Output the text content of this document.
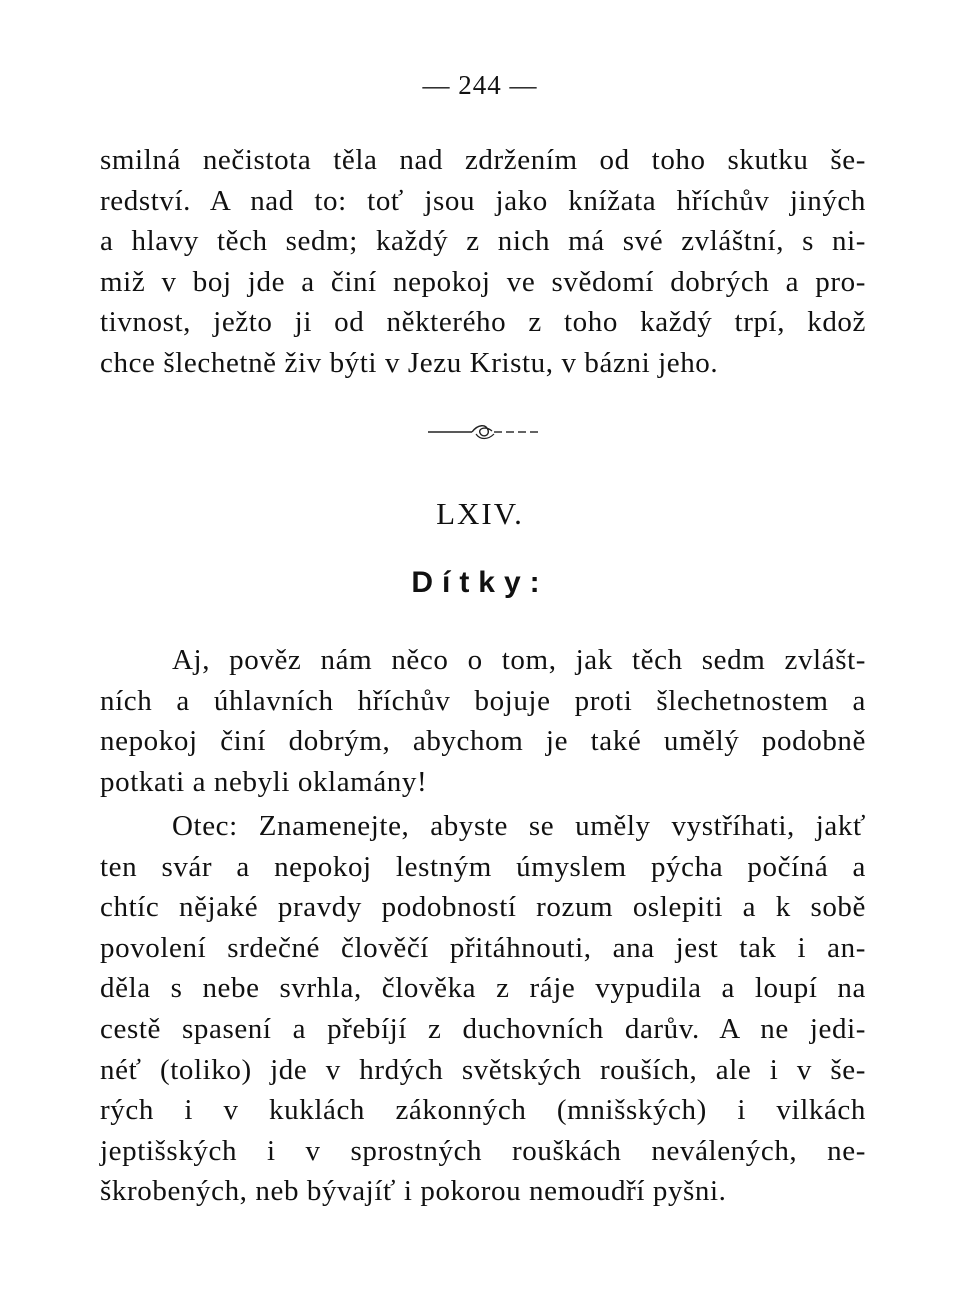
— 244 —
smilná nečistota těla nad zdržením od toho skutku še-
redství. A nad to: toť jsou jako knížata hříchův jiných
a hlavy těch sedm; každý z nich má své zvláštní, s ni-
miž v boj jde a činí nepokoj ve svědomí dobrých a pro-
tivnost, ježto ji od některého z toho každý trpí, kdož
chce šlechetně živ býti v Jezu Kristu, v bázni jeho.
LXIV.
Dítky:
Aj, pověz nám něco o tom, jak těch sedm zvlášt-
ních a úhlavních hříchův bojuje proti šlechetnostem a
nepokoj činí dobrým, abychom je také umělý podobně
potkati a nebyli oklamány!
Otec: Znamenejte, abyste se uměly vystříhati, jakť
ten svár a nepokoj lestným úmyslem pýcha počíná a
chtíc nějaké pravdy podobností rozum oslepiti a k sobě
povolení srdečné člověčí přitáhnouti, ana jest tak i an-
děla s nebe svrhla, člověka z ráje vypudila a loupí na
cestě spasení a přebíjí z duchovních darův. A ne jedi-
néť (toliko) jde v hrdých světských rouších, ale i v še-
rých i v kuklách zákonných (mnišských) i vilkách
jeptišských i v sprostných rouškách neválených, ne-
škrobených, neb bývajíť i pokorou nemoudří pyšni.
